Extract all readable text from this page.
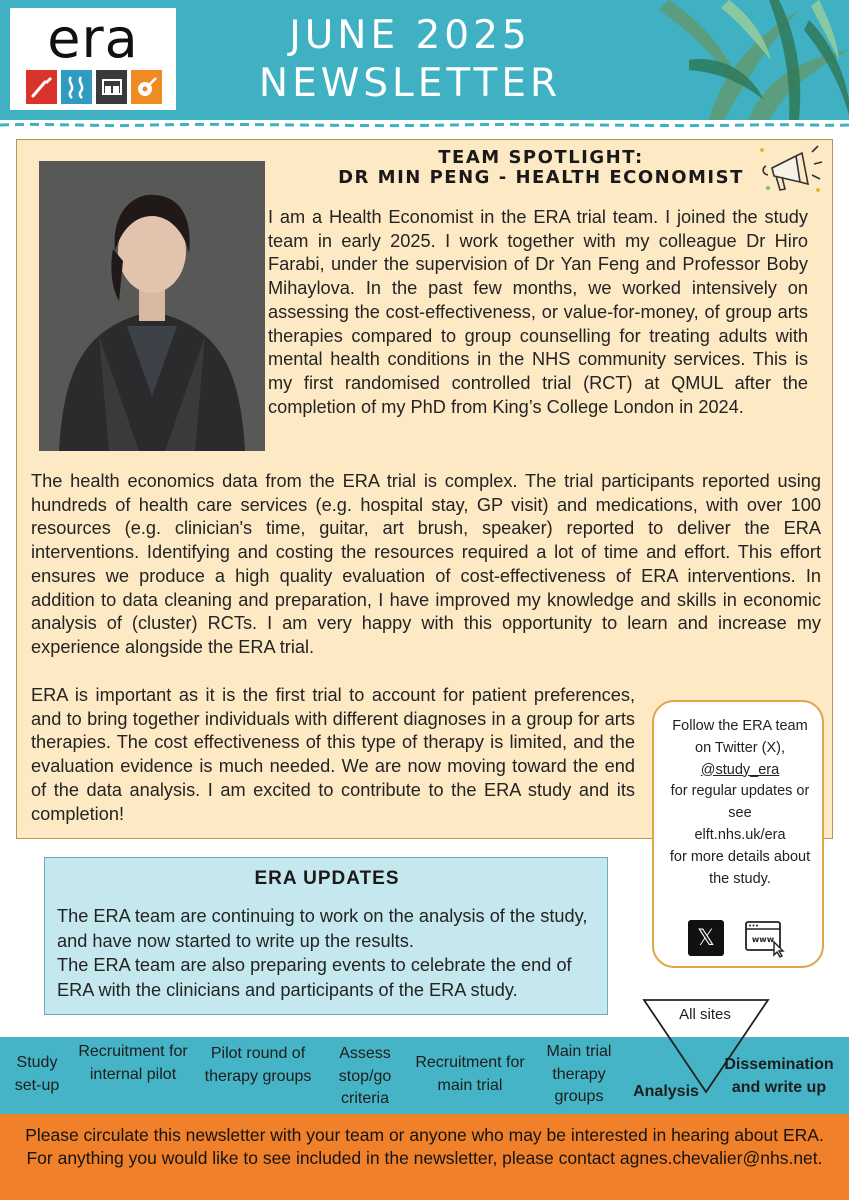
era	JUNE 2025
NEWSLETTER
TEAM SPOTLIGHT:
DR MIN PENG - HEALTH ECONOMIST
I am a Health Economist in the ERA trial team. I joined the study team in early 2025. I work together with my colleague Dr Hiro Farabi, under the supervision of Dr Yan Feng and Professor Boby Mihaylova. In the past few months, we worked intensively on assessing the cost-effectiveness, or value-for-money, of group arts therapies compared to group counselling for treating adults with mental health conditions in the NHS community services. This is my first randomised controlled trial (RCT) at QMUL after the completion of my PhD from King’s College London in 2024.
The health economics data from the ERA trial is complex. The trial participants reported using hundreds of health care services (e.g. hospital stay, GP visit) and medications, with over 100 resources (e.g. clinician's time, guitar, art brush, speaker) reported to deliver the ERA interventions. Identifying and costing the resources required a lot of time and effort. This effort ensures we produce a high quality evaluation of cost-effectiveness of ERA interventions. In addition to data cleaning and preparation, I have improved my knowledge and skills in economic analysis of (cluster) RCTs. I am very happy with this opportunity to learn and increase my experience alongside the ERA trial.
ERA is important as it is the first trial to account for patient preferences, and to bring together individuals with different diagnoses in a group for arts therapies. The cost effectiveness of this type of therapy is limited, and the evaluation evidence is much needed. We are now moving toward the end of the data analysis. I am excited to contribute to the ERA study and its completion!
Follow the ERA team
on Twitter (X),
@study_era
for regular updates or see
elft.nhs.uk/era
for more details about the study.
𝕏	www
ERA UPDATES
The ERA team are continuing to work on the analysis of the study, and have now started to write up the results.
The ERA team are also preparing events to celebrate the end of ERA with the clinicians and participants of the ERA study.
All sites
Study set-up
Recruitment for internal pilot
Pilot round of therapy groups
Assess stop/go criteria
Recruitment for main trial
Main trial therapy groups	Analysis
Dissemination and write up
Please circulate this newsletter with your team or anyone who may be interested in hearing about ERA. For anything you would like to see included in the newsletter, please contact agnes.chevalier@nhs.net.
